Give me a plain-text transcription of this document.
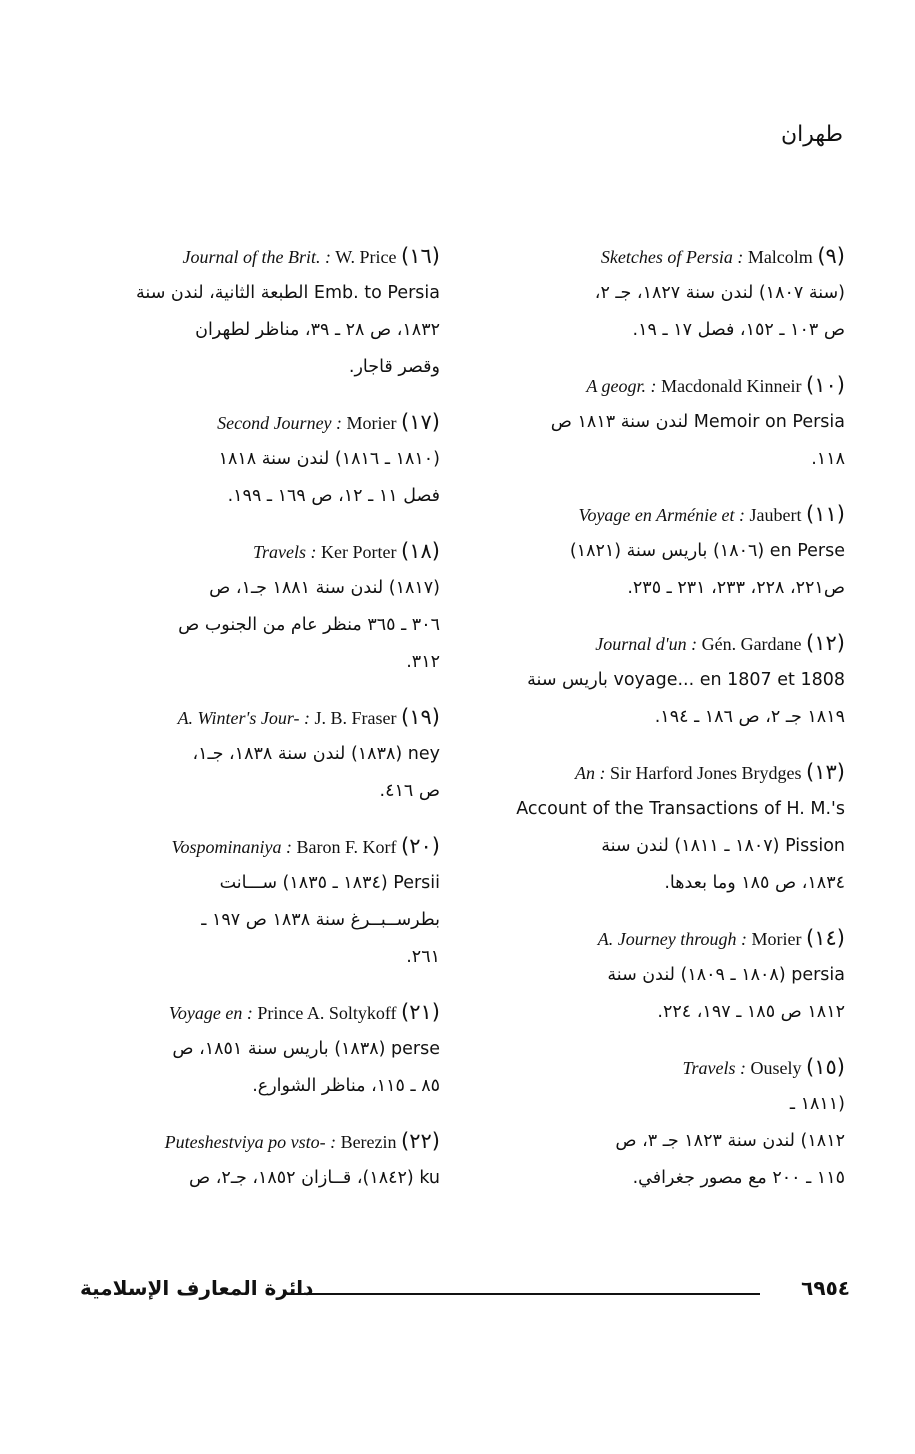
طهران
(٩) Sketches of Persia : Malcolm
(سنة ١٨٠٧) لندن سنة ١٨٢٧، جـ ٢،
ص ١٠٣ ـ ١٥٢، فصل ١٧ ـ ١٩.
(١٠) A geogr. : Macdonald Kinneir
Memoir on Persia لندن سنة ١٨١٣ ص
١١٨.
(١١) Voyage en Arménie et : Jaubert
en Perse (١٨٠٦) باريس سنة (١٨٢١)
ص٢٢١، ٢٢٨، ٢٣٣، ٢٣١ ـ ٢٣٥.
(١٢) Journal d'un : Gén. Gardane
voyage... en 1807 et 1808 باريس سنة
١٨١٩ جـ ٢، ص ١٨٦ ـ ١٩٤.
(١٣) An : Sir Harford Jones Brydges
Account of the Transactions of H. M.'s
Pission (١٨٠٧ ـ ١٨١١) لندن سنة
١٨٣٤، ص ١٨٥ وما بعدها.
(١٤) A. Journey through : Morier
persia (١٨٠٨ ـ ١٨٠٩) لندن سنة
١٨١٢ ص ١٨٥ ـ ١٩٧، ٢٢٤.
(١٥) Travels : Ousely
(١٨١١ ـ
١٨١٢) لندن سنة ١٨٢٣ جـ ٣، ص
١١٥ ـ ٢٠٠ مع مصور جغرافي.
(١٦) Journal of the Brit. : W. Price
Emb. to Persia الطبعة الثانية، لندن سنة
١٨٣٢، ص ٢٨ ـ ٣٩، مناظر لطهران
وقصر قاجار.
(١٧) Second Journey : Morier
(١٨١٠ ـ ١٨١٦) لندن سنة ١٨١٨
فصل ١١ ـ ١٢، ص ١٦٩ ـ ١٩٩.
(١٨) Travels : Ker Porter
(١٨١٧) لندن سنة ١٨٨١ جـ١، ص
٣٠٦ ـ ٣٦٥ منظر عام من الجنوب ص
٣١٢.
(١٩) A. Winter's Jour- : J. B. Fraser
ney (١٨٣٨) لندن سنة ١٨٣٨، جـ١،
ص ٤١٦.
(٢٠) Vospominaniya : Baron F. Korf
Persii (١٨٣٤ ـ ١٨٣٥) ســـانت
بطرســبــرغ سنة ١٨٣٨ ص ١٩٧ ـ
٢٦١.
(٢١) Voyage en : Prince A. Soltykoff
perse (١٨٣٨) باريس سنة ١٨٥١، ص
٨٥ ـ ١١٥، مناظر الشوارع.
(٢٢) Puteshestviya po vsto- : Berezin
ku (١٨٤٢)، قــازان ١٨٥٢، جـ٢، ص
دائرة المعارف الإسلامية	٦٩٥٤
